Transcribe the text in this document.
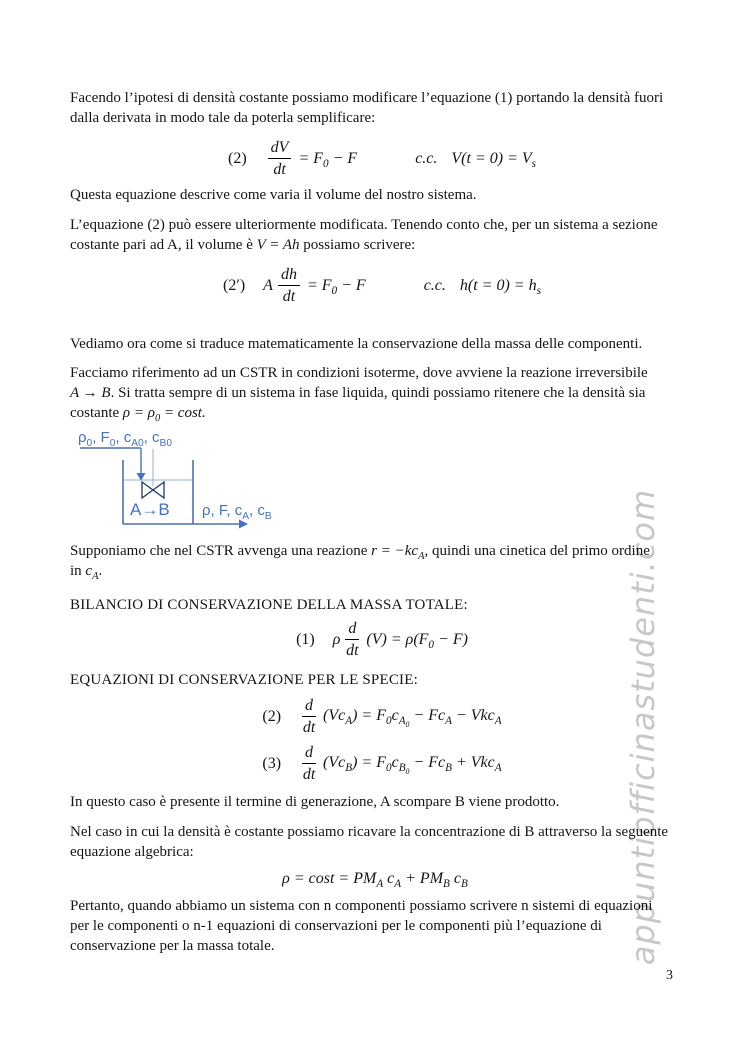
Facendo l’ipotesi di densità costante possiamo modificare l’equazione (1) portando la densità fuori
dalla derivata in modo tale da poterla semplificare:

$(2) \frac{dV}{dt} = F_0 - F$	c.c. $V(t = 0) = V_s$

Questa equazione descrive come varia il volume del nostro sistema.

L’equazione (2) può essere ulteriormente modificata. Tenendo conto che, per un sistema a sezione
costante pari ad A, il volume è V = Ah possiamo scrivere:

(2′) A $\frac{dh}{dt} = F_0 - F$	c.c. $h(t = 0) = h_s$

Vediamo ora come si traduce matematicamente la conservazione della massa delle componenti.

Facciamo riferimento ad un CSTR in condizioni isoterme, dove avviene la reazione irreversibile
A → B. Si tratta sempre di un sistema in fase liquida, quindi possiamo ritenere che la densità sia
costante $\rho = \rho_0 = \cos t$.

$\rho_0$, $F_0$, $c_{A0}$, $c_{B0}$
A→B ρ, F, $c_A$, $c_B$

Supponiamo che nel CSTR avvenga una reazione $r = -kc_A$, quindi una cinetica del primo ordine
in $c_A$.

BILANCIO DI CONSERVAZIONE DELLA MASSA TOTALE:

(1) ρ $\frac{d}{dt} (V) = \rho(F_0 - F)$

EQUAZIONI DI CONSERVAZIONE PER LE SPECIE:

$(2) \frac{d}{dt} (Vc_A) = F_0c_{A_0} - Fc_A - Vkc_A$
$(3) \frac{d}{dt} (Vc_B) = F_0c_{B_0} - Fc_B + Vkc_A$

In questo caso è presente il termine di generazione, A scompare B viene prodotto.

Nel caso in cui la densità è costante possiamo ricavare la concentrazione di B attraverso la seguente
equazione algebrica:

$\rho = \cos t = PM_A$ $c_A + PM_B$ $c_B$

Pertanto, quando abbiamo un sistema con n componenti possiamo scrivere n sistemi di equazioni
per le componenti o n-1 equazioni di conservazioni per le componenti più l’equazione di
conservazione per la massa totale.	appuntiofficinastudenti.com
3
